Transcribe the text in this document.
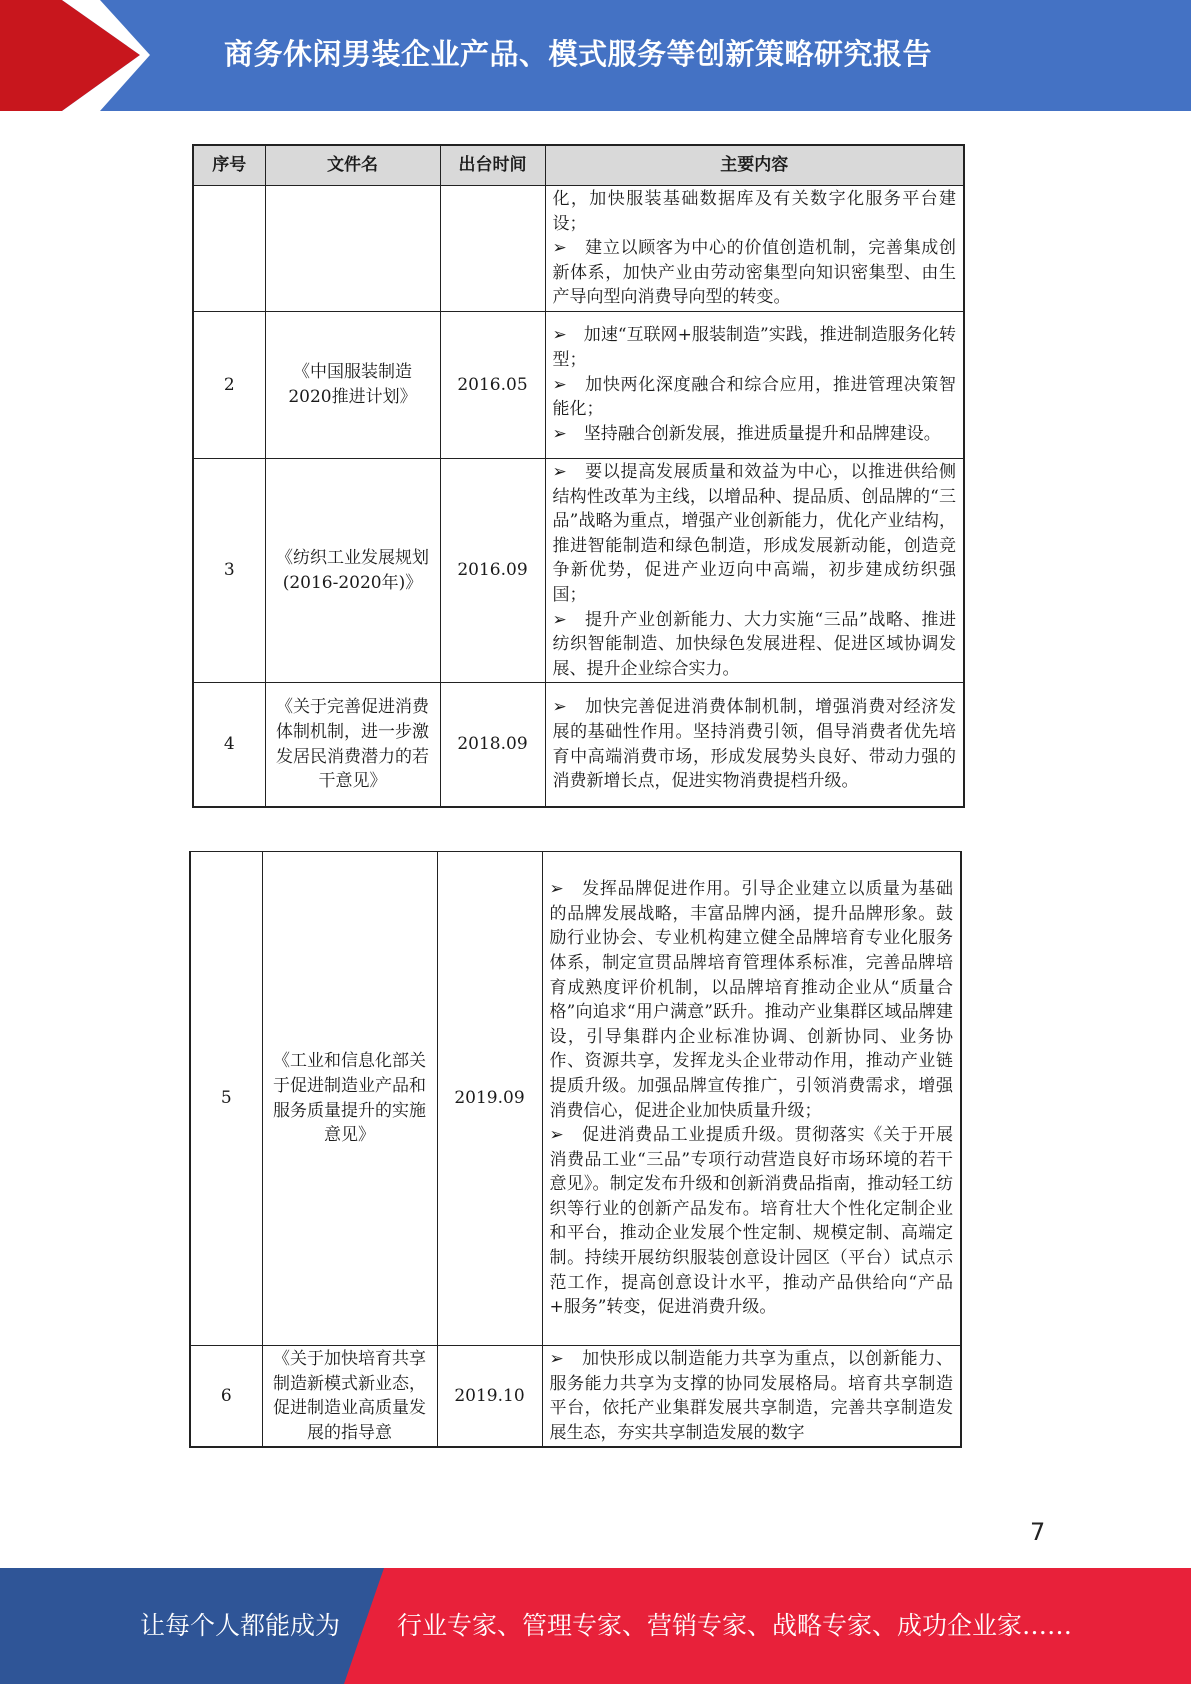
商务休闲男装企业产品、模式服务等创新策略研究报告
序号	文件名	出台时间	主要内容
			化，加快服装基础数据库及有关数字化服务平台建设；
➢　建立以顾客为中心的价值创造机制，完善集成创新体系，加快产业由劳动密集型向知识密集型、由生产导向型向消费导向型的转变。
2	《中国服装制造2020推进计划》	2016.05	➢　加速“互联网+服装制造”实践，推进制造服务化转型；
➢　加快两化深度融合和综合应用，推进管理决策智能化；
➢　坚持融合创新发展，推进质量提升和品牌建设。
3	《纺织工业发展规划(2016-2020年)》	2016.09	➢　要以提高发展质量和效益为中心，以推进供给侧结构性改革为主线，以增品种、提品质、创品牌的“三品”战略为重点，增强产业创新能力，优化产业结构，推进智能制造和绿色制造，形成发展新动能，创造竞争新优势，促进产业迈向中高端，初步建成纺织强国；
➢　提升产业创新能力、大力实施“三品”战略、推进纺织智能制造、加快绿色发展进程、促进区域协调发展、提升企业综合实力。
4	《关于完善促进消费体制机制，进一步激发居民消费潜力的若干意见》	2018.09	➢　加快完善促进消费体制机制，增强消费对经济发展的基础性作用。坚持消费引领，倡导消费者优先培育中高端消费市场，形成发展势头良好、带动力强的消费新增长点，促进实物消费提档升级。
5	《工业和信息化部关于促进制造业产品和服务质量提升的实施意见》	2019.09	➢　发挥品牌促进作用。引导企业建立以质量为基础的品牌发展战略，丰富品牌内涵，提升品牌形象。鼓励行业协会、专业机构建立健全品牌培育专业化服务体系，制定宣贯品牌培育管理体系标准，完善品牌培育成熟度评价机制，以品牌培育推动企业从“质量合格”向追求“用户满意”跃升。推动产业集群区域品牌建设，引导集群内企业标准协调、创新协同、业务协作、资源共享，发挥龙头企业带动作用，推动产业链提质升级。加强品牌宣传推广，引领消费需求，增强消费信心，促进企业加快质量升级；
➢　促进消费品工业提质升级。贯彻落实《关于开展消费品工业“三品”专项行动营造良好市场环境的若干意见》。制定发布升级和创新消费品指南，推动轻工纺织等行业的创新产品发布。培育壮大个性化定制企业和平台，推动企业发展个性定制、规模定制、高端定制。持续开展纺织服装创意设计园区（平台）试点示范工作，提高创意设计水平，推动产品供给向“产品+服务”转变，促进消费升级。
6	《关于加快培育共享制造新模式新业态，促进制造业高质量发展的指导意	2019.10	➢　加快形成以制造能力共享为重点，以创新能力、服务能力共享为支撑的协同发展格局。培育共享制造平台，依托产业集群发展共享制造，完善共享制造发展生态，夯实共享制造发展的数字
7
让每个人都能成为 行业专家、管理专家、营销专家、战略专家、成功企业家……
